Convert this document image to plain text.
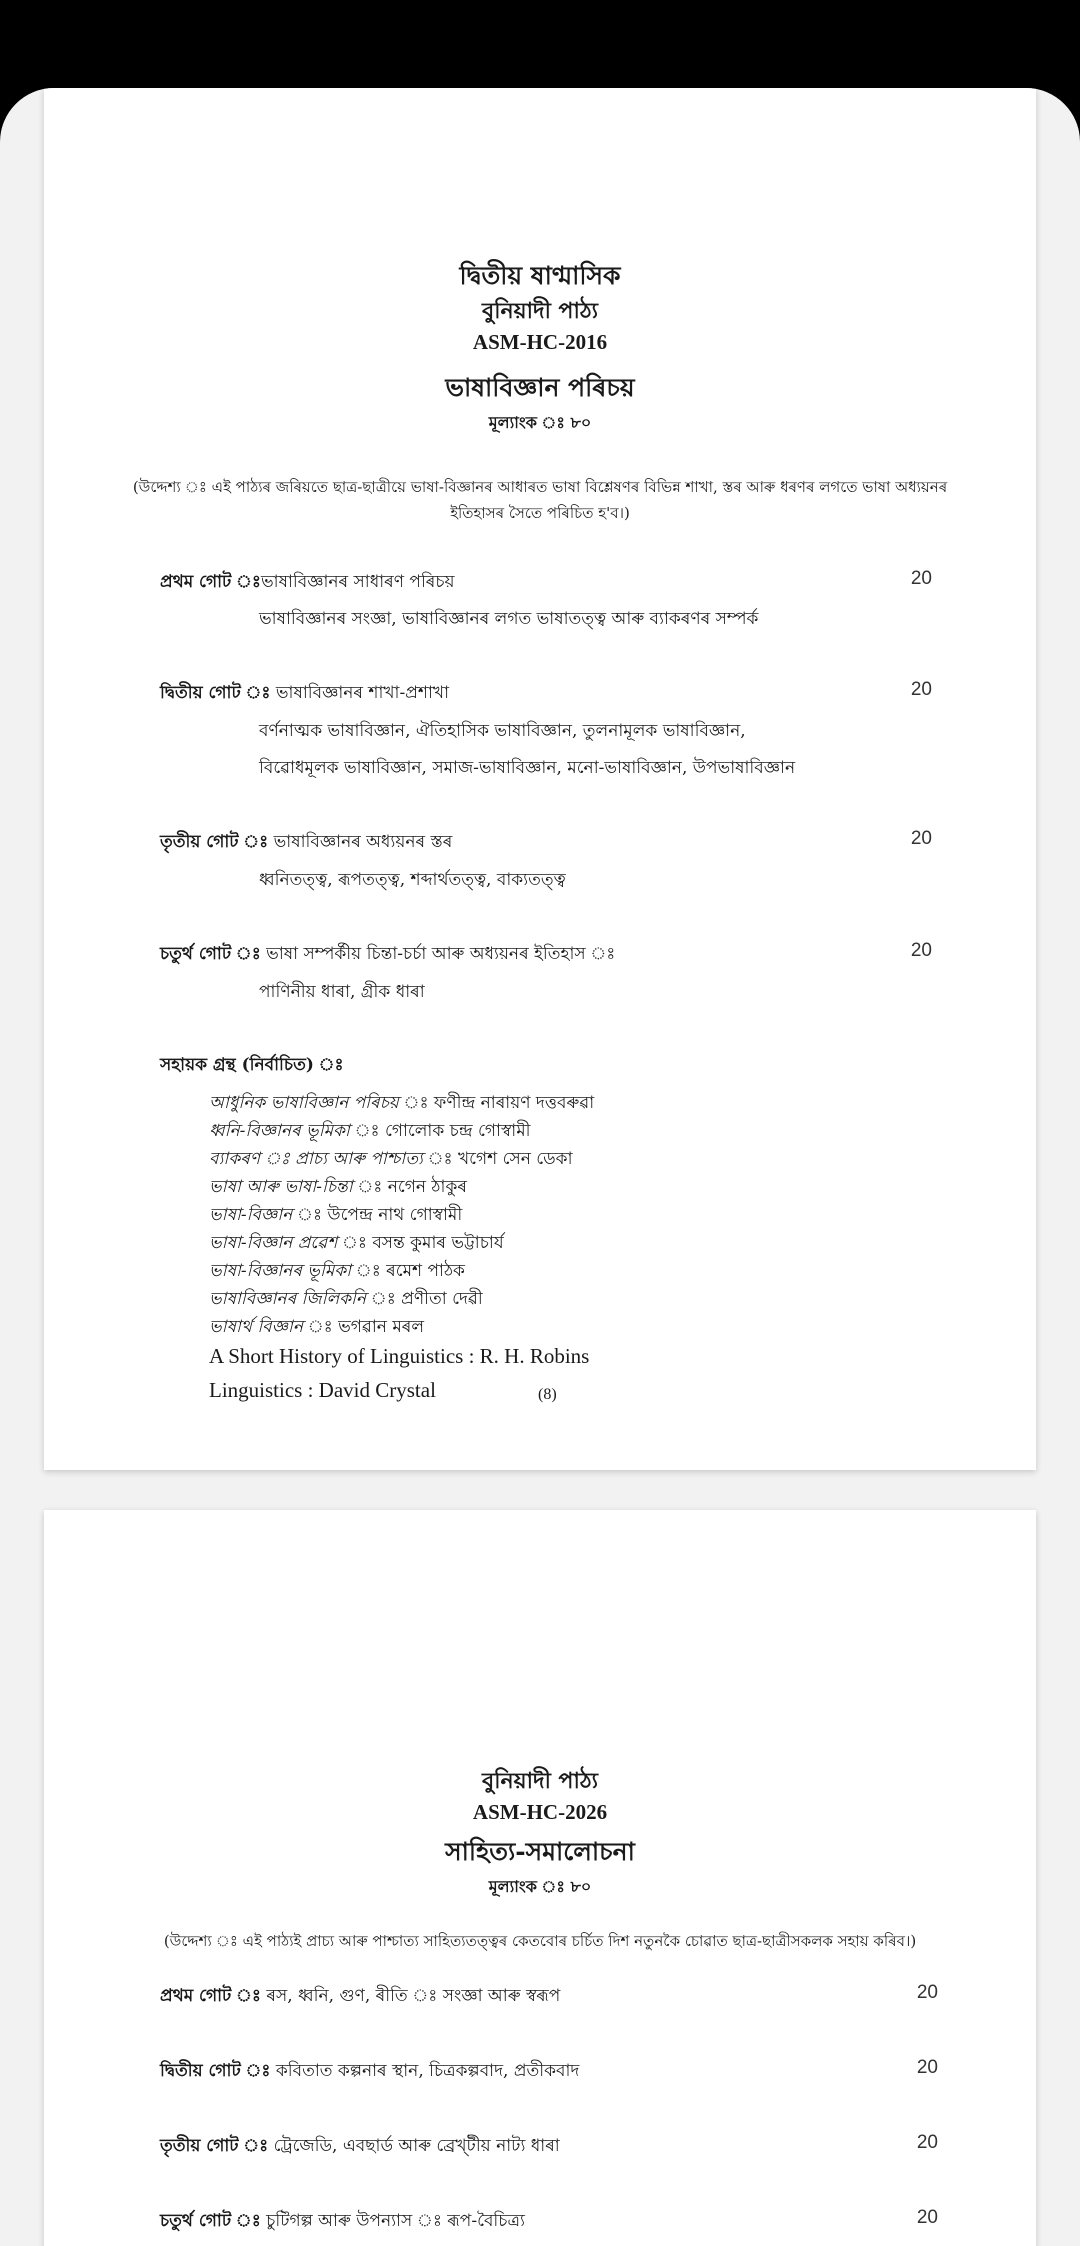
দ্বিতীয় ষাণ্মাসিক
বুনিয়াদী পাঠ্য
ASM-HC-2016
ভাষাবিজ্ঞান পৰিচয়
মূল্যাংক ঃ ৮০
(উদ্দেশ্য ঃ এই পাঠ্যৰ জৰিয়তে ছাত্ৰ-ছাত্ৰীয়ে ভাষা-বিজ্ঞানৰ আধাৰত ভাষা বিশ্লেষণৰ বিভিন্ন শাখা, স্তৰ আৰু ধৰণৰ লগতে ভাষা অধ্যয়নৰ ইতিহাসৰ সৈতে পৰিচিত হ'ব।)
প্ৰথম গোট ঃভাষাবিজ্ঞানৰ সাধাৰণ পৰিচয়	20
ভাষাবিজ্ঞানৰ সংজ্ঞা, ভাষাবিজ্ঞানৰ লগত ভাষাতত্ত্ব আৰু ব্যাকৰণৰ সম্পৰ্ক
দ্বিতীয় গোট ঃ ভাষাবিজ্ঞানৰ শাখা-প্ৰশাখা	20
বৰ্ণনাত্মক ভাষাবিজ্ঞান, ঐতিহাসিক ভাষাবিজ্ঞান, তুলনামূলক ভাষাবিজ্ঞান,
বিৱোধমূলক ভাষাবিজ্ঞান, সমাজ-ভাষাবিজ্ঞান, মনো-ভাষাবিজ্ঞান, উপভাষাবিজ্ঞান
তৃতীয় গোট ঃ ভাষাবিজ্ঞানৰ অধ্যয়নৰ স্তৰ	20
ধ্বনিতত্ত্ব, ৰূপতত্ত্ব, শব্দাৰ্থতত্ত্ব, বাক্যতত্ত্ব
চতুৰ্থ গোট ঃ ভাষা সম্পৰ্কীয় চিন্তা-চৰ্চা আৰু অধ্যয়নৰ ইতিহাস ঃ	20
পাণিনীয় ধাৰা, গ্ৰীক ধাৰা
সহায়ক গ্ৰন্থ (নিৰ্বাচিত) ঃ
আধুনিক ভাষাবিজ্ঞান পৰিচয় ঃ ফণীন্দ্ৰ নাৰায়ণ দত্তবৰুৱা
ধ্বনি-বিজ্ঞানৰ ভূমিকা ঃ গোলোক চন্দ্ৰ গোস্বামী
ব্যাকৰণ ঃ প্ৰাচ্য আৰু পাশ্চাত্য ঃ খগেশ সেন ডেকা
ভাষা আৰু ভাষা-চিন্তা ঃ নগেন ঠাকুৰ
ভাষা-বিজ্ঞান ঃ উপেন্দ্ৰ নাথ গোস্বামী
ভাষা-বিজ্ঞান প্ৰৱেশ ঃ বসন্ত কুমাৰ ভট্টাচাৰ্য
ভাষা-বিজ্ঞানৰ ভূমিকা ঃ ৰমেশ পাঠক
ভাষাবিজ্ঞানৰ জিলিকনি ঃ প্ৰণীতা দেৱী
ভাষাৰ্থ বিজ্ঞান ঃ ভগৱান মৰল
A Short History of Linguistics : R. H. Robins
Linguistics : David Crystal	(8)
বুনিয়াদী পাঠ্য
ASM-HC-2026
সাহিত্য-সমালোচনা
মূল্যাংক ঃ ৮০
(উদ্দেশ্য ঃ এই পাঠ্যই প্ৰাচ্য আৰু পাশ্চাত্য সাহিত্যতত্ত্বৰ কেতবোৰ চৰ্চিত দিশ নতুনকৈ চোৱাত ছাত্ৰ-ছাত্ৰীসকলক সহায় কৰিব।)
প্ৰথম গোট ঃ ৰস, ধ্বনি, গুণ, ৰীতি ঃ সংজ্ঞা আৰু স্বৰূপ	20
দ্বিতীয় গোট ঃ কবিতাত কল্পনাৰ স্থান, চিত্ৰকল্পবাদ, প্ৰতীকবাদ	20
তৃতীয় গোট ঃ ট্ৰেজেডি, এবছাৰ্ড আৰু ব্ৰেখ্টীয় নাট্য ধাৰা	20
চতুৰ্থ গোট ঃ চুটিগল্প আৰু উপন্যাস ঃ ৰূপ-বৈচিত্ৰ্য	20
